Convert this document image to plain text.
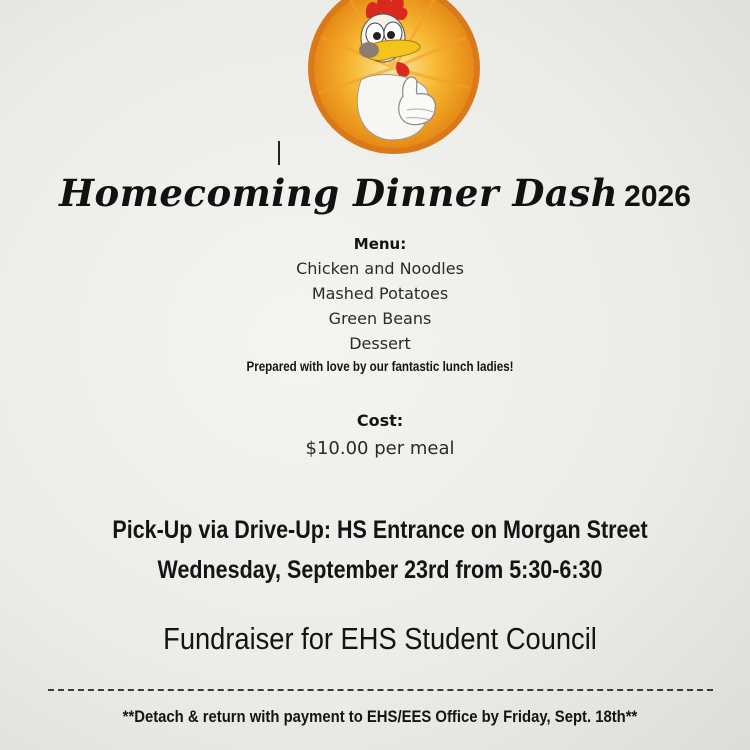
Homecoming Dinner Dash 2026
Menu:
Chicken and Noodles
Mashed Potatoes
Green Beans
Dessert
Prepared with love by our fantastic lunch ladies!
Cost:
$10.00 per meal
Pick-Up via Drive-Up: HS Entrance on Morgan Street
Wednesday, September 23rd from 5:30-6:30
Fundraiser for EHS Student Council
**Detach & return with payment to EHS/EES Office by Friday, Sept. 18th**
